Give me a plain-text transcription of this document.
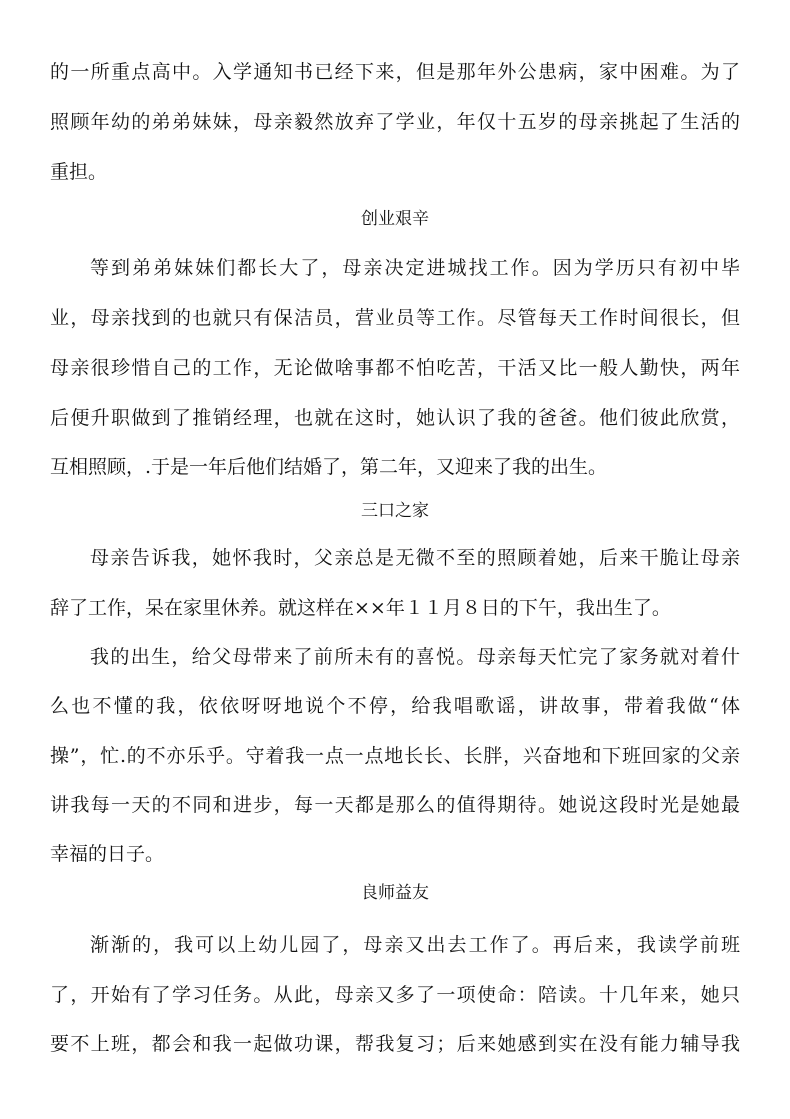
的一所重点高中。入学通知书已经下来，但是那年外公患病，家中困难。为了
照顾年幼的弟弟妹妹，母亲毅然放弃了学业，年仅十五岁的母亲挑起了生活的
重担。
创业艰辛
等到弟弟妹妹们都长大了，母亲决定进城找工作。因为学历只有初中毕
业，母亲找到的也就只有保洁员，营业员等工作。尽管每天工作时间很长，但
母亲很珍惜自己的工作，无论做啥事都不怕吃苦，干活又比一般人勤快，两年
后便升职做到了推销经理，也就在这时，她认识了我的爸爸。他们彼此欣赏，
互相照顾，.于是一年后他们结婚了，第二年，又迎来了我的出生。
三口之家
母亲告诉我，她怀我时，父亲总是无微不至的照顾着她，后来干脆让母亲
辞了工作，呆在家里休养。就这样在××年１１月８日的下午，我出生了。
我的出生，给父母带来了前所未有的喜悦。母亲每天忙完了家务就对着什
么也不懂的我，依依呀呀地说个不停，给我唱歌谣，讲故事，带着我做“体
操”，忙.的不亦乐乎。守着我一点一点地长长、长胖，兴奋地和下班回家的父亲
讲我每一天的不同和进步，每一天都是那么的值得期待。她说这段时光是她最
幸福的日子。
良师益友
渐渐的，我可以上幼儿园了，母亲又出去工作了。再后来，我读学前班
了，开始有了学习任务。从此，母亲又多了一项使命：陪读。十几年来，她只
要不上班，都会和我一起做功课，帮我复习；后来她感到实在没有能力辅导我
